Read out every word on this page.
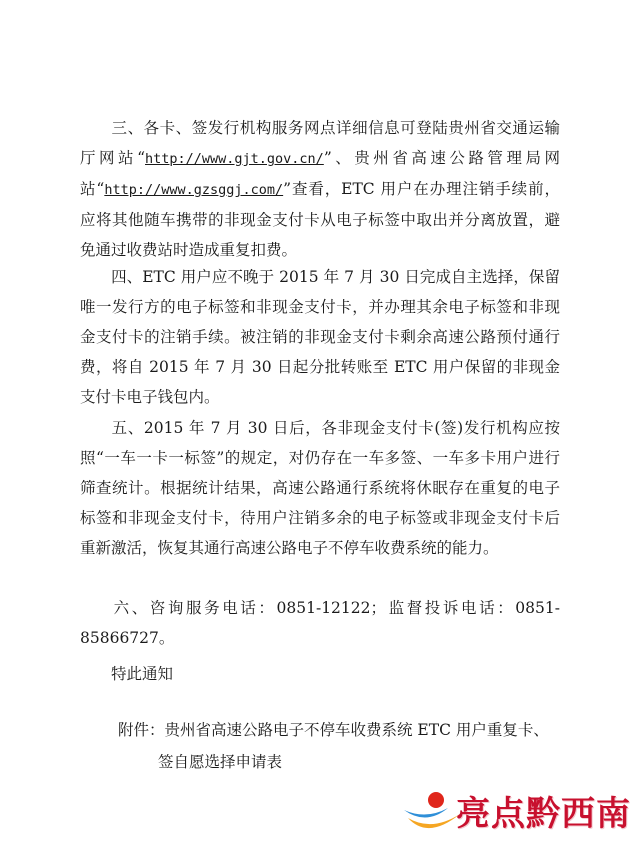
三、各卡、签发行机构服务网点详细信息可登陆贵州省交通运输厅网站“http://www.gjt.gov.cn/”、贵州省高速公路管理局网站“http://www.gzsggj.com/”查看，ETC 用户在办理注销手续前，应将其他随车携带的非现金支付卡从电子标签中取出并分离放置，避免通过收费站时造成重复扣费。

四、ETC 用户应不晚于 2015 年 7 月 30 日完成自主选择，保留唯一发行方的电子标签和非现金支付卡，并办理其余电子标签和非现金支付卡的注销手续。被注销的非现金支付卡剩余高速公路预付通行费，将自 2015 年 7 月 30 日起分批转账至 ETC 用户保留的非现金支付卡电子钱包内。

五、2015 年 7 月 30 日后，各非现金支付卡(签)发行机构应按照“一车一卡一标签”的规定，对仍存在一车多签、一车多卡用户进行筛查统计。根据统计结果，高速公路通行系统将休眠存在重复的电子标签和非现金支付卡，待用户注销多余的电子标签或非现金支付卡后重新激活，恢复其通行高速公路电子不停车收费系统的能力。

六、咨询服务电话：0851-12122；监督投诉电话：0851-85866727。

特此通知

附件：贵州省高速公路电子不停车收费系统 ETC 用户重复卡、
签自愿选择申请表
亮点黔西南
